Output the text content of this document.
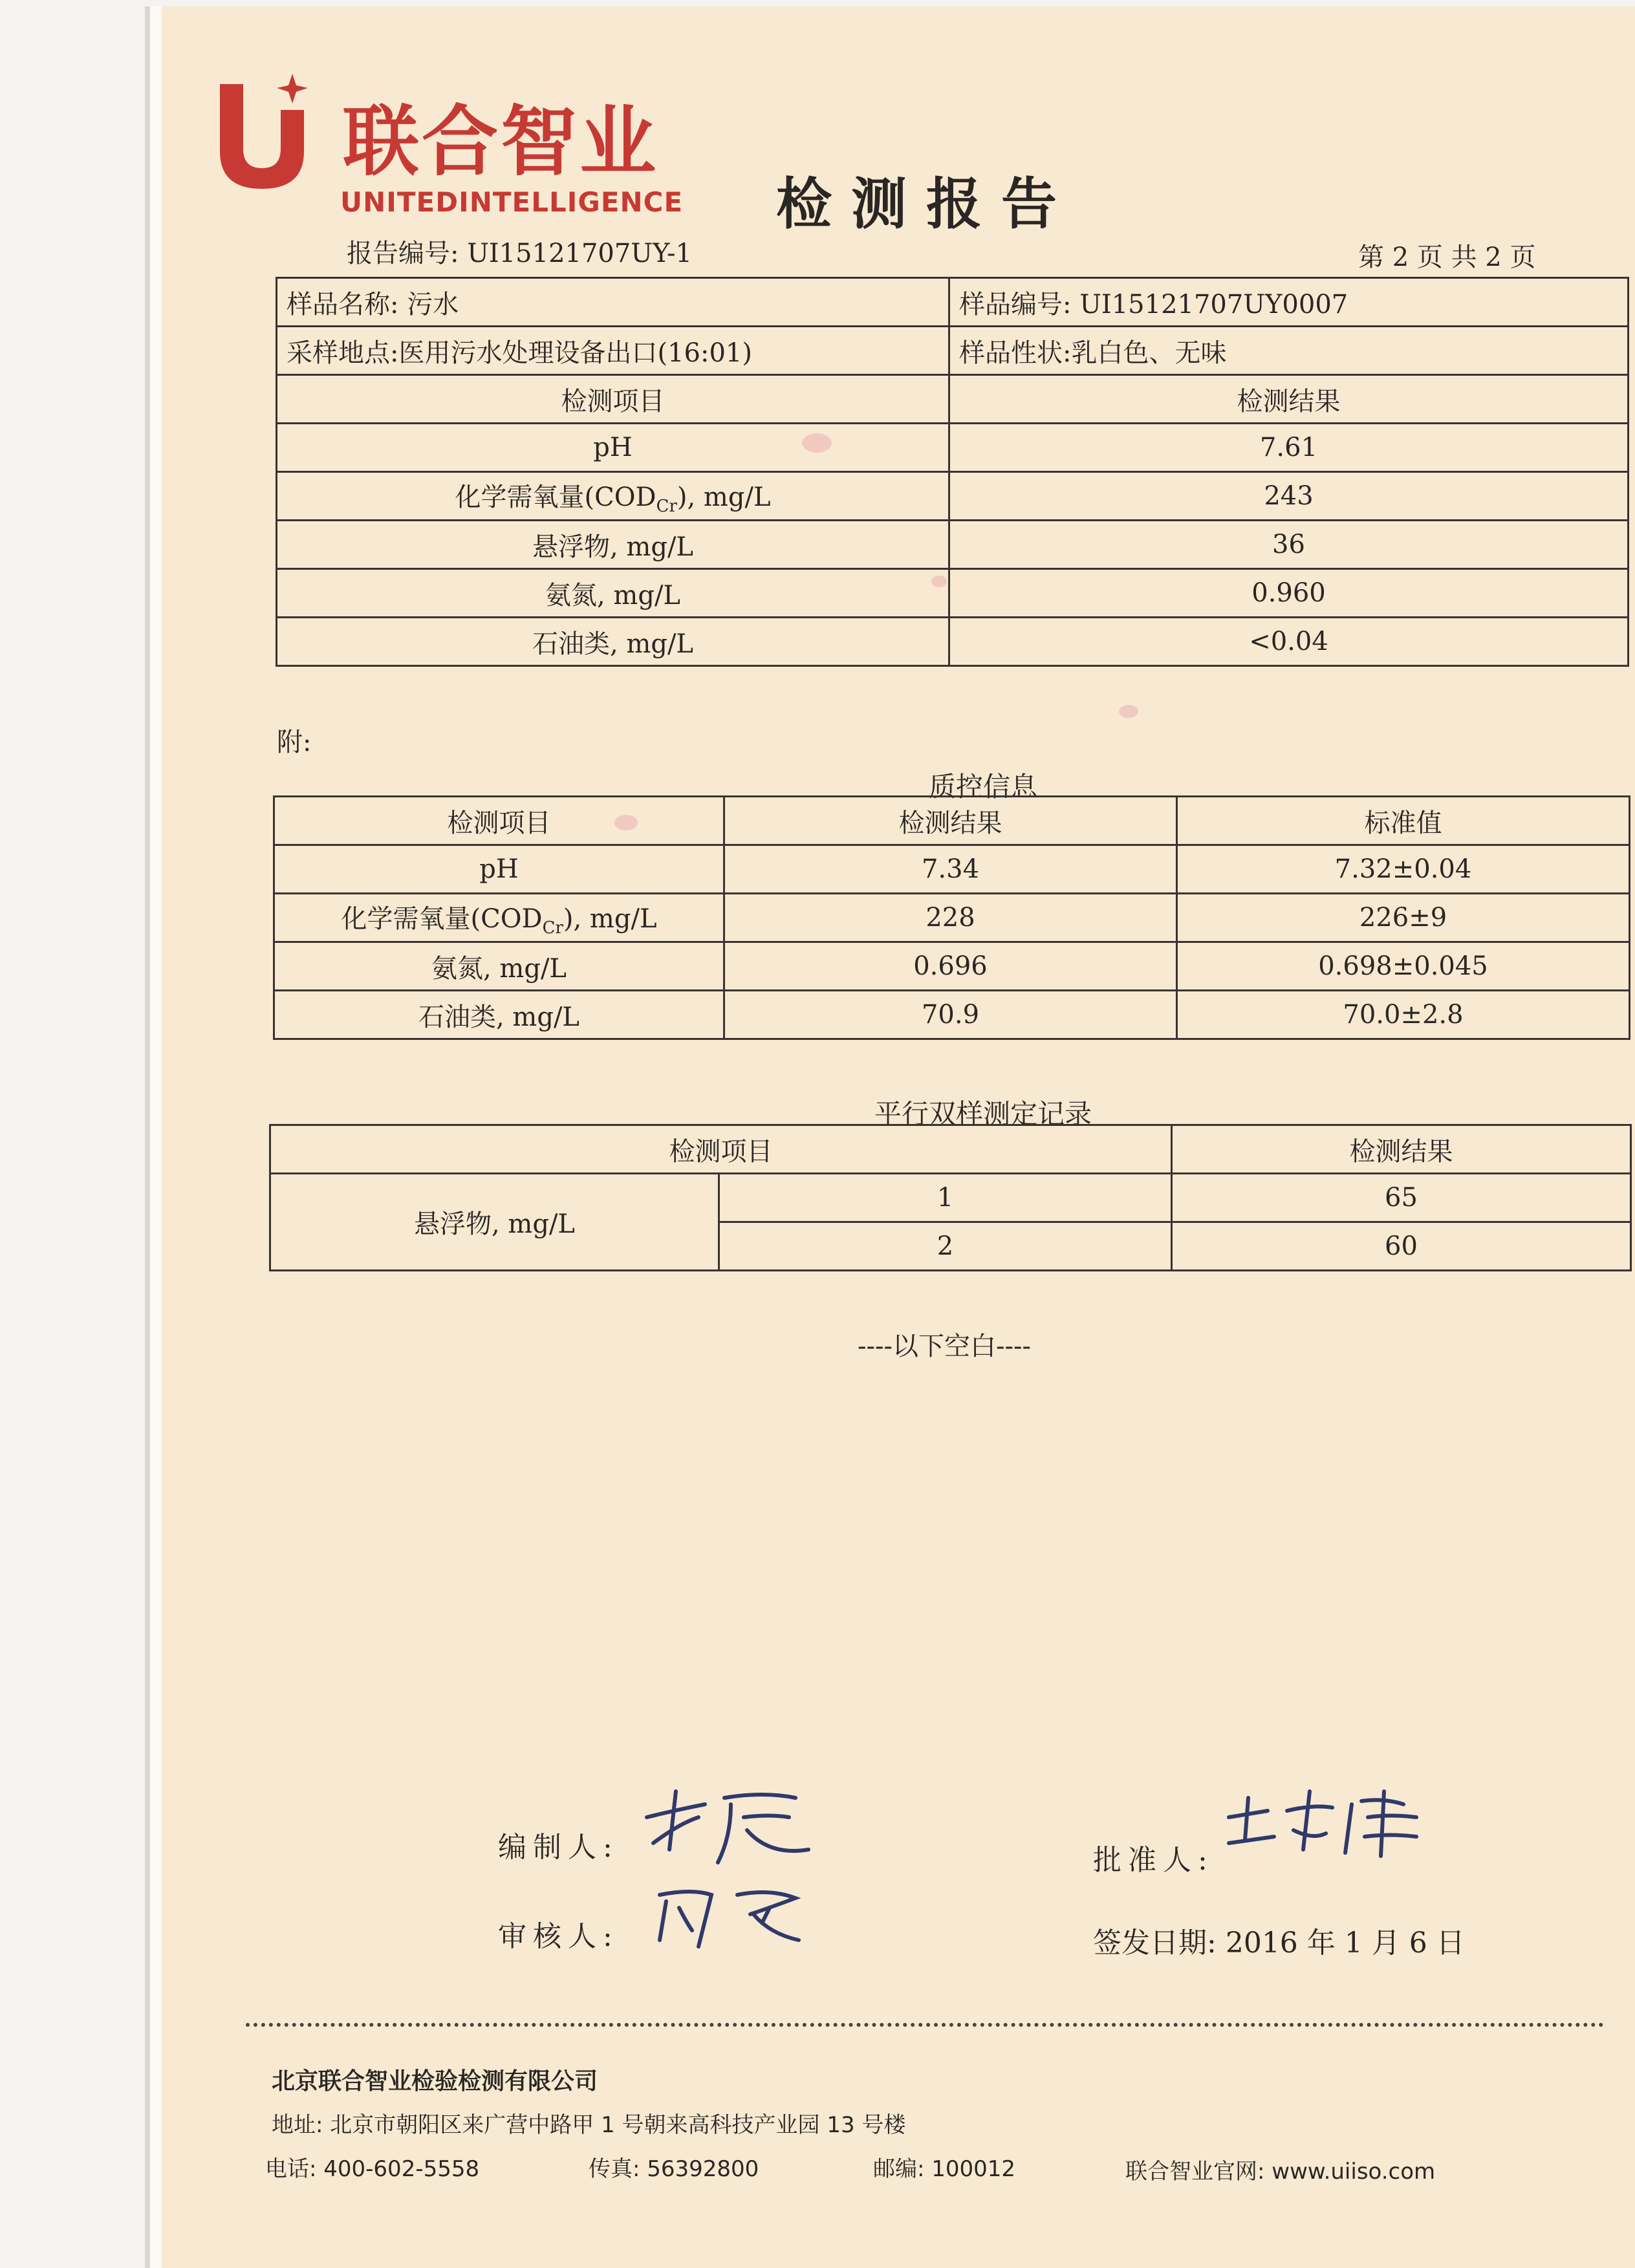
联合智业
UNITEDINTELLIGENCE 检测报告
报告编号: UI15121707UY-1	第 2 页 共 2 页
样品名称: 污水	样品编号: UI15121707UY0007
采样地点:医用污水处理设备出口(16:01)	样品性状:乳白色、无味
检测项目	检测结果
pH	7.61
化学需氧量$(COD_{Cr})$, mg/L	243
悬浮物, mg/L	36
氨氮, mg/L	0.960
石油类, mg/L	<0.04
附:
质控信息
检测项目	检测结果	标准值
pH	7.34	7.32±0.04
化学需氧量$(COD_{Cr})$, mg/L	228	226±9
氨氮, mg/L	0.696	0.698±0.045
石油类, mg/L	70.9	70.0±2.8
平行双样测定记录
检测项目		检测结果
悬浮物, mg/L	1	65
	2	60
----以下空白----
编制人:	批准人:
审核人:	签发日期: 2016 年 1 月 6 日
北京联合智业检验检测有限公司
地址: 北京市朝阳区来广营中路甲 1 号朝来高科技产业园 13 号楼
电话: 400-602-5558	传真: 56392800	邮编: 100012	联合智业官网: www.uiiso.com
